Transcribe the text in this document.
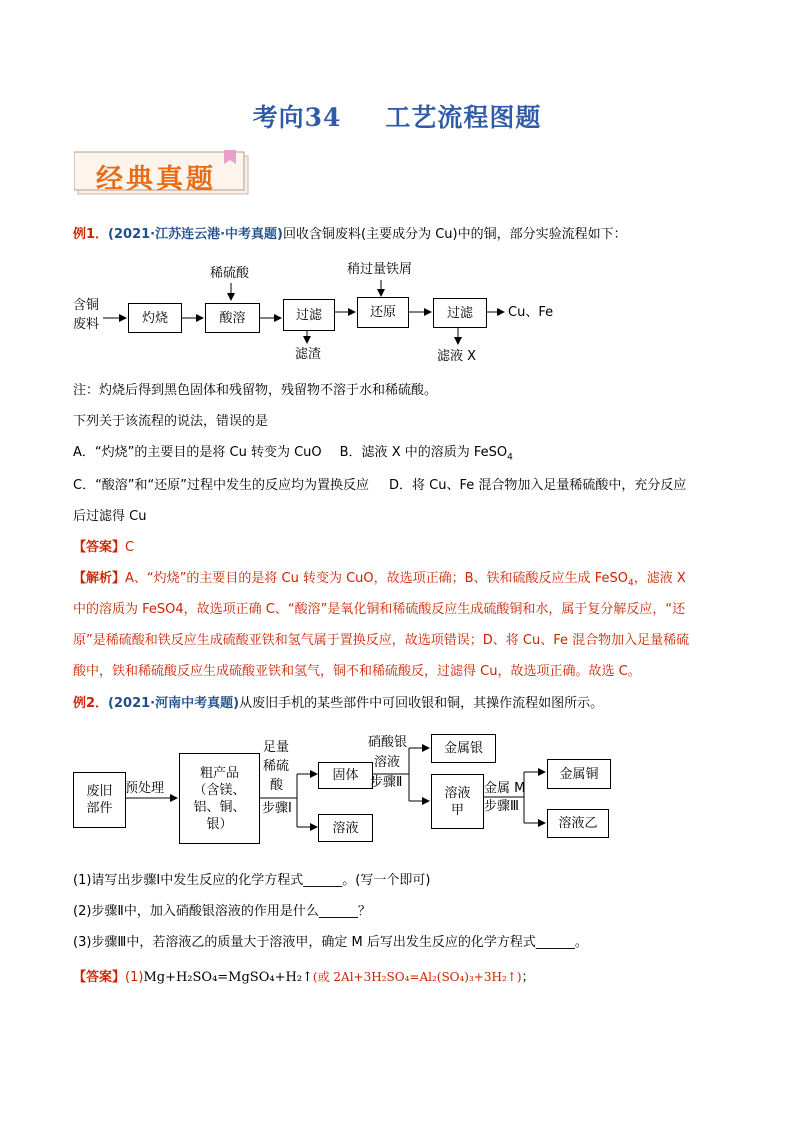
考向34 工艺流程图题
经典真题
例1．(2021·江苏连云港·中考真题)回收含铜废料(主要成分为 Cu)中的铜，部分实验流程如下：
含铜
废料	灼烧	酸溶	过滤	还原	过滤
稀硫酸	稍过量铁屑
滤渣	滤液 X
Cu、Fe
注：灼烧后得到黑色固体和残留物，残留物不溶于水和稀硫酸。
下列关于该流程的说法，错误的是
A．“灼烧”的主要目的是将 Cu 转变为 CuO B．滤液 X 中的溶质为 FeSO$_4$
C．“酸溶”和“还原”过程中发生的反应均为置换反应 D．将 Cu、Fe 混合物加入足量稀硫酸中，充分反应
后过滤得 Cu
【答案】C
【解析】A、“灼烧”的主要目的是将 Cu 转变为 CuO，故选项正确；B、铁和硫酸反应生成 FeSO$_4$，滤液 X
中的溶质为 FeSO4，故选项正确 C、“酸溶”是氧化铜和稀硫酸反应生成硫酸铜和水，属于复分解反应，“还
原”是稀硫酸和铁反应生成硫酸亚铁和氢气属于置换反应，故选项错误；D、将 Cu、Fe 混合物加入足量稀硫
酸中，铁和稀硫酸反应生成硫酸亚铁和氢气，铜不和稀硫酸反，过滤得 Cu，故选项正确。故选 C。
例2．(2021·河南中考真题)从废旧手机的某些部件中可回收银和铜，其操作流程如图所示。
废旧
部件
预处理
粗产品
（含镁、
铝、铜、
银）
足量
稀硫
酸
步骤Ⅰ
固体
溶液
硝酸银
溶液
步骤Ⅱ
金属银
溶液
甲
金属 M
步骤Ⅲ
金属铜
溶液乙
(1)请写出步骤Ⅰ中发生反应的化学方程式______。(写一个即可)
(2)步骤Ⅱ中，加入硝酸银溶液的作用是什么______？
(3)步骤Ⅲ中，若溶液乙的质量大于溶液甲，确定 M 后写出发生反应的化学方程式______。
【答案】(1)Mg+H₂SO₄=MgSO₄+H₂↑(或 2Al+3H₂SO₄=Al₂(SO₄)₃+3H₂↑)；
